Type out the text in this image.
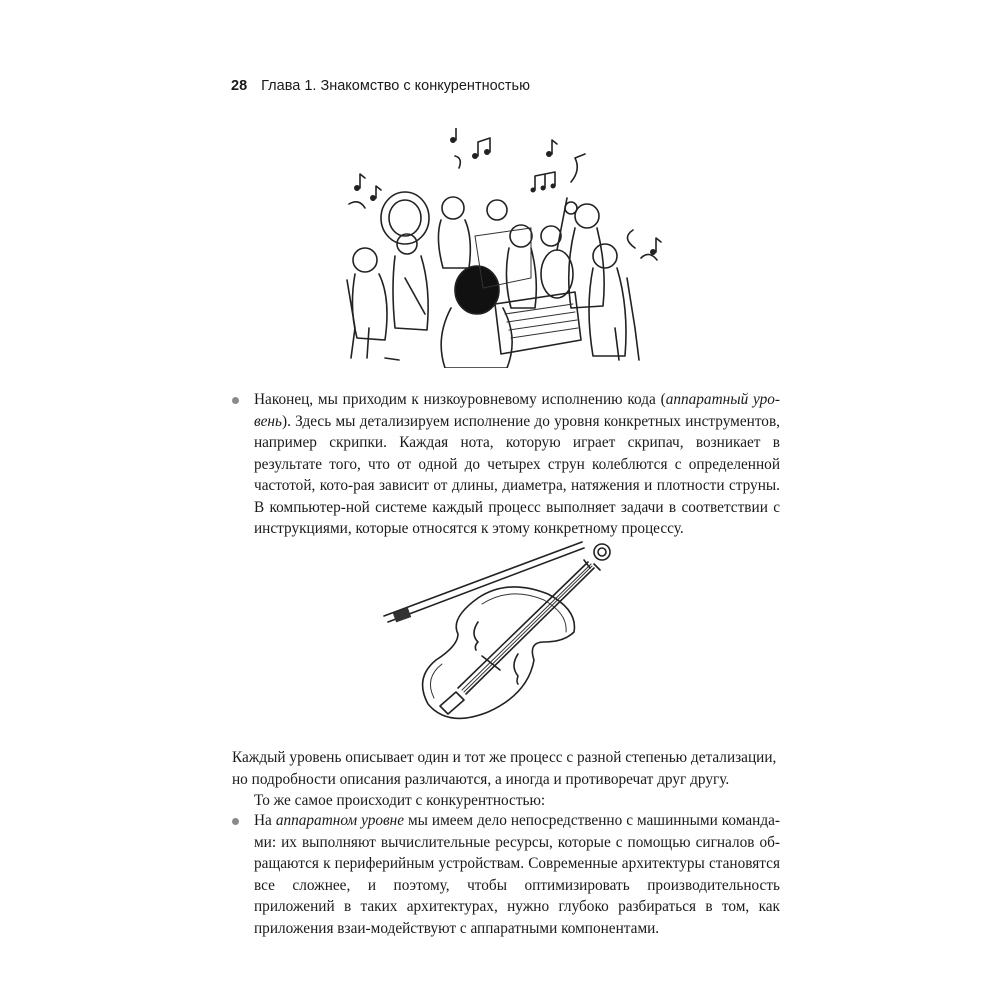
28 Глава 1. Знакомство с конкурентностью

Наконец, мы приходим к низкоуровневому исполнению кода (аппаратный уро-вень). Здесь мы детализируем исполнение до уровня конкретных инструментов, например скрипки. Каждая нота, которую играет скрипач, возникает в результате того, что от одной до четырех струн колеблются с определенной частотой, кото-рая зависит от длины, диаметра, натяжения и плотности струны. В компьютер-ной системе каждый процесс выполняет задачи в соответствии с инструкциями, которые относятся к этому конкретному процессу.

Каждый уровень описывает один и тот же процесс с разной степенью детализации, но подробности описания различаются, а иногда и противоречат друг другу.

То же самое происходит с конкурентностью:

На аппаратном уровне мы имеем дело непосредственно с машинными команда-ми: их выполняют вычислительные ресурсы, которые с помощью сигналов об-ращаются к периферийным устройствам. Современные архитектуры становятся все сложнее, и поэтому, чтобы оптимизировать производительность приложений в таких архитектурах, нужно глубоко разбираться в том, как приложения взаи-модействуют с аппаратными компонентами.
